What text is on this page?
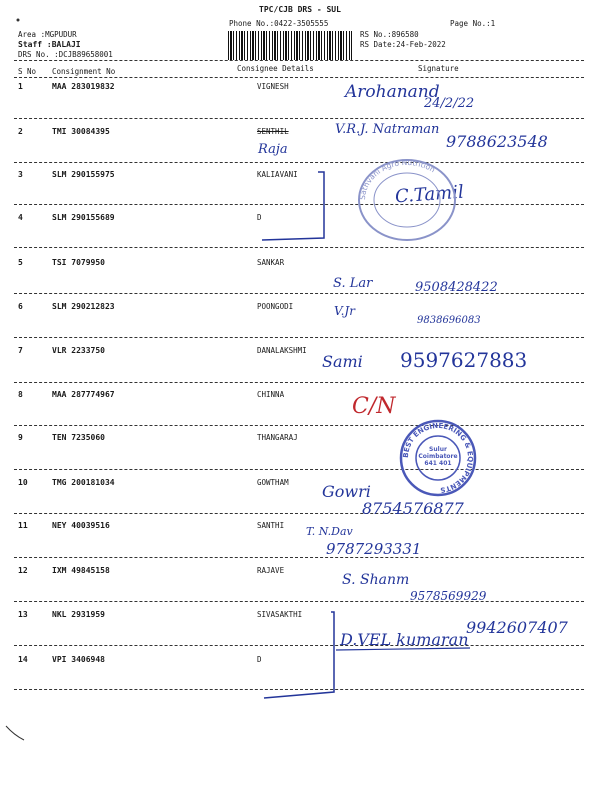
TPC/CJB DRS - SUL
Phone No.:0422-3505555	Page No.:1
Area :MGPUDUR
Staff :BALAJI
DRS No. :DCJB89658001
RS No.:896580
RS Date:24-Feb-2022
S No Consignment No	Consignee Details	Signature
1	MAA 283019832	VIGNESH
2	TMI 30084395	SENTHIL
3	SLM 290155975	KALIAVANI
4	SLM 290155689	D
5	TSI 7079950	SANKAR
6	SLM 290212823	POONGODI
7	VLR 2233750	DANALAKSHMI
8	MAA 287774967	CHINNA
9	TEN 7235060	THANGARAJ
10	TMG 200181034	GOWTHAM
11	NEY 40039516	SANTHI
12	IXM 49845158	RAJAVE
13	NKL 2931959	SIVASAKTHI
14	VPI 3406948	D
Arohanand
24/2/22
V.R.J. Natraman
9788623548
Raja
C.Tamil
S. Lar	9508428422
V.Jr
9838696083
Sami 9597627883
C/N
Gowri
8754576877
T. N.Dav
9787293331
S. Shanm
9578569929
D.VEL kumaran
9942607407
Sathvani Agro Nutrition
BEST ENGINEERING & EQUIPMENTS
Sulur Coimbatore 641 401
